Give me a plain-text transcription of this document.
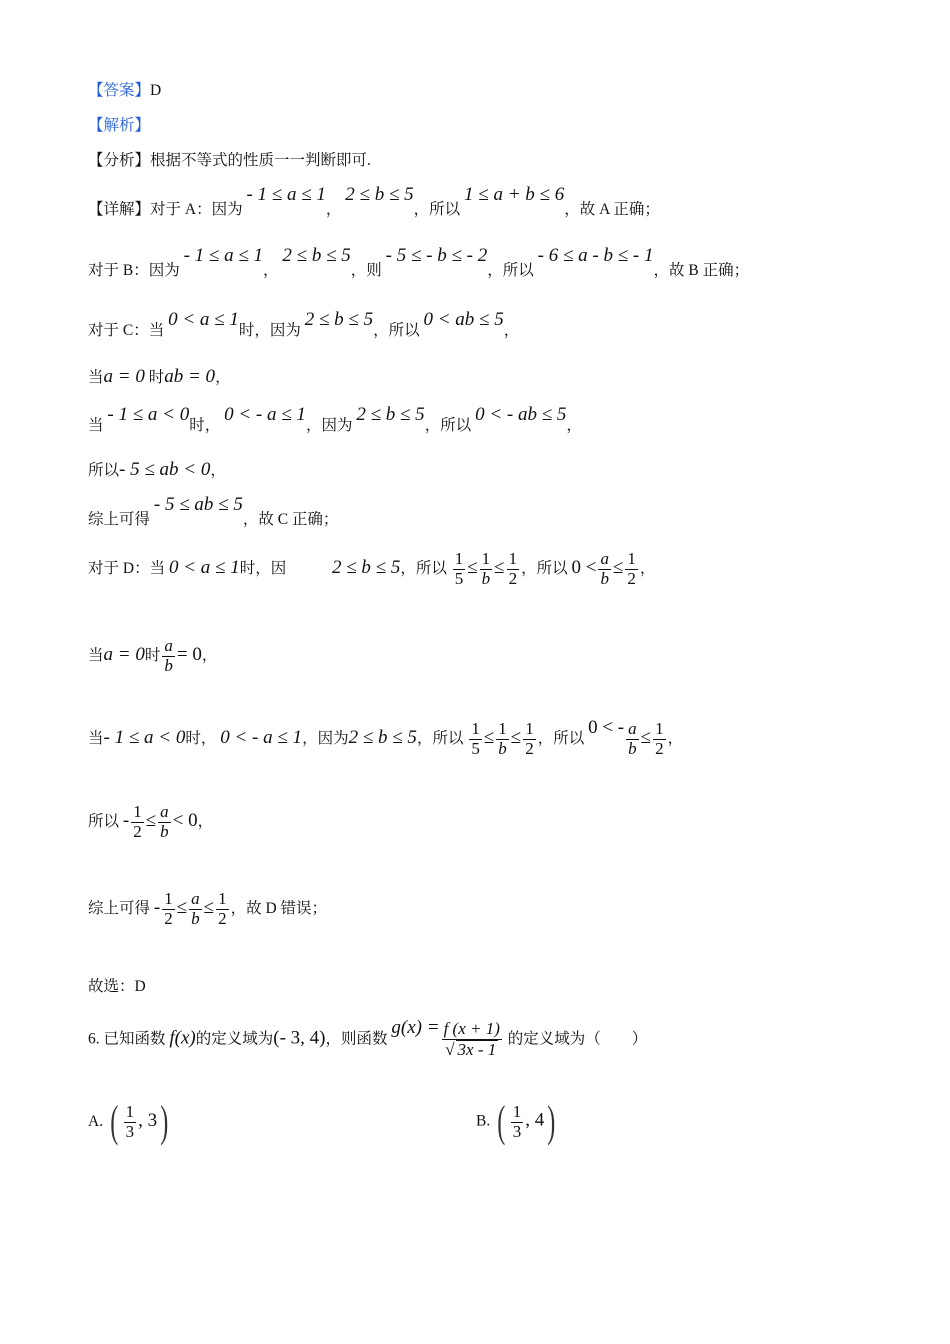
【答案】D
【解析】
【分析】根据不等式的性质一一判断即可.
【详解】对于 A：因为 - 1 ≤ a ≤ 1， 2 ≤ b ≤ 5，所以 1 ≤ a + b ≤ 6，故 A 正确；
对于 B：因为 - 1 ≤ a ≤ 1， 2 ≤ b ≤ 5，则 - 5 ≤ - b ≤ - 2，所以 - 6 ≤ a - b ≤ - 1，故 B 正确；
对于 C：当 0 < a ≤ 1时，因为 2 ≤ b ≤ 5，所以 0 < ab ≤ 5，
当a = 0 时ab = 0，
当 - 1 ≤ a < 0时， 0 < - a ≤ 1，因为 2 ≤ b ≤ 5，所以 0 < - ab ≤ 5，
所以- 5 ≤ ab < 0，
综上可得 - 5 ≤ ab ≤ 5，故 C 正确；
对于 D：当 0 < a ≤ 1时，因 2 ≤ b ≤ 5，所以 $\frac{1}{5} \le \frac{1}{b} \le \frac{1}{2}$ ，所以 $0 < \frac{a}{b} \le \frac{1}{2}$ ，
当a = 0时 $\frac{a}{b} = 0$，
当- 1 ≤ a < 0时， 0 < - a ≤ 1，因为2 ≤ b ≤ 5，所以 $\frac{1}{5} \le \frac{1}{b} \le \frac{1}{2}$ ，所以 0 < - $\frac{a}{b} \le \frac{1}{2}$ ，
所以 - $\frac{1}{2} \le \frac{a}{b} < 0$，
综上可得 - $\frac{1}{2} \le \frac{a}{b} \le \frac{1}{2}$ ，故 D 错误；
故选：D
6. 已知函数 f(x)的定义域为(- 3, 4)，则函数 $g(x) = \frac{f (x + 1)}{√ 3x - 1}$ 的定义域为（　　）
A. ( $\frac{1}{3}$ , 3)	B. ( $\frac{1}{3}$ , 4)
